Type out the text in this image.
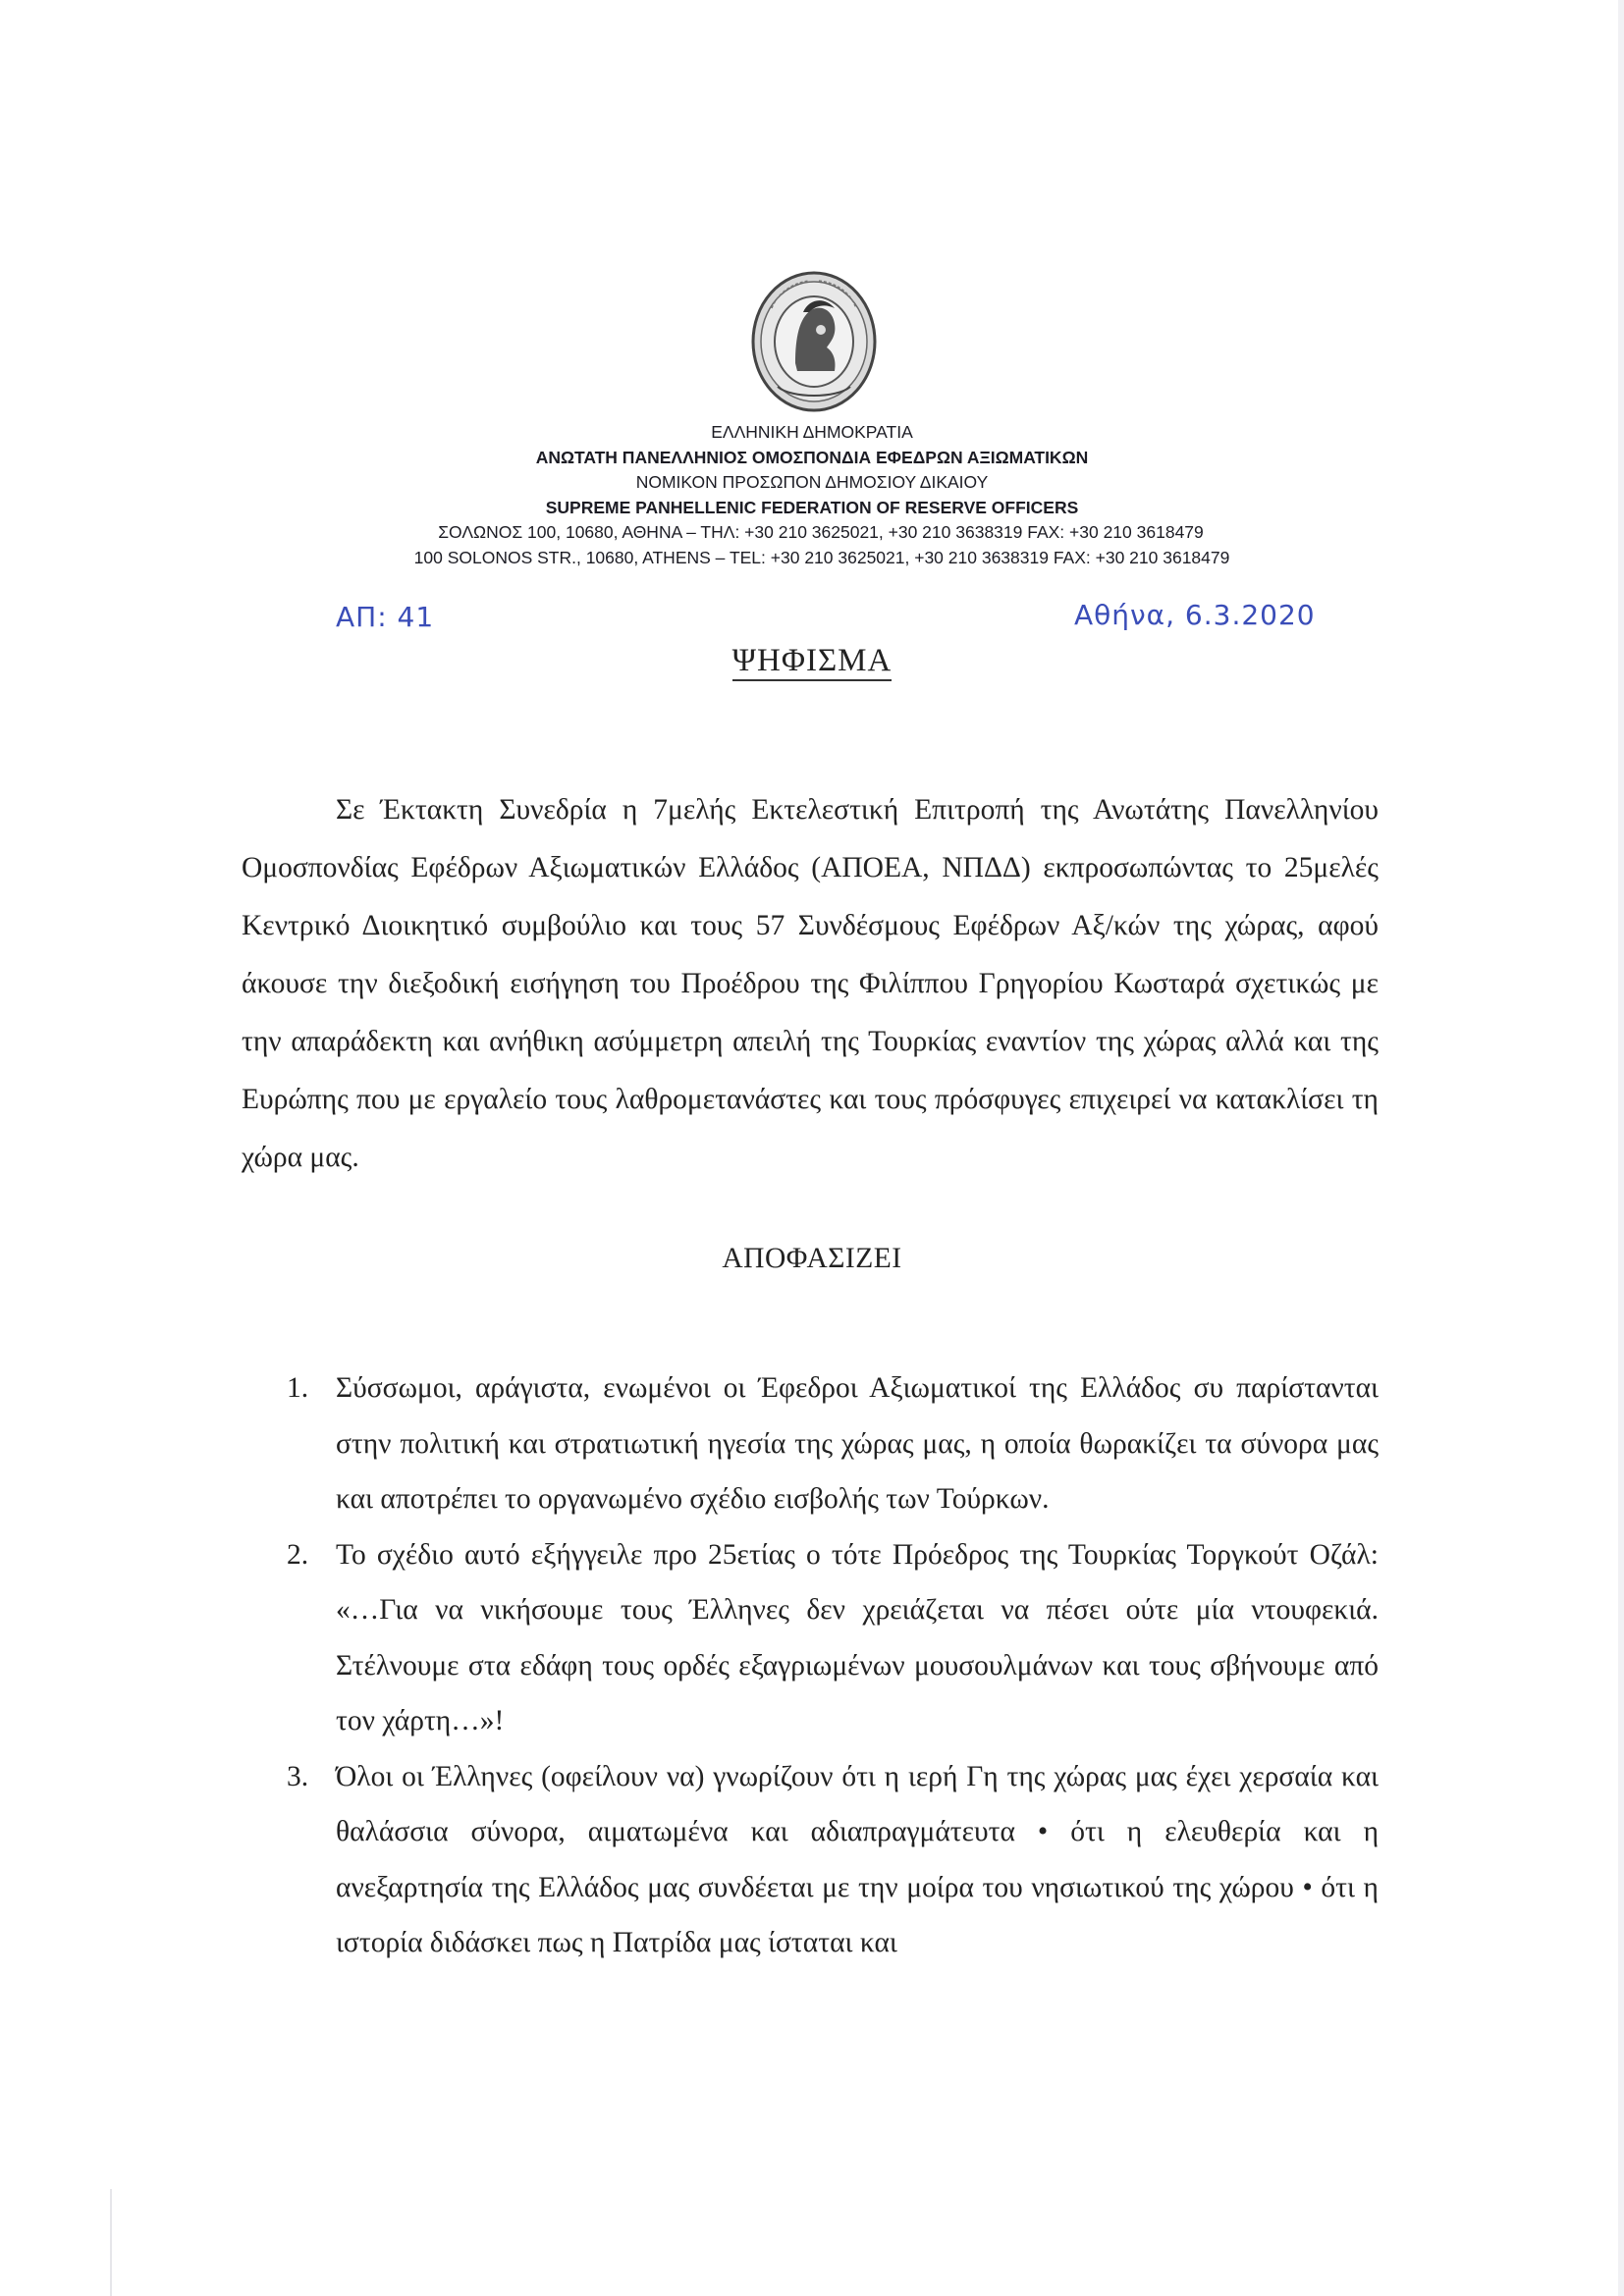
ΕΛΛΗΝΙΚΗ ΔΗΜΟΚΡΑΤΙΑ
ΑΝΩΤΑΤΗ ΠΑΝΕΛΛΗΝΙΟΣ ΟΜΟΣΠΟΝΔΙΑ ΕΦΕΔΡΩΝ ΑΞΙΩΜΑΤΙΚΩΝ
ΝΟΜΙΚΟΝ ΠΡΟΣΩΠΟΝ ΔΗΜΟΣΙΟΥ ΔΙΚΑΙΟΥ
SUPREME PANHELLENIC FEDERATION OF RESERVE OFFICERS
ΣΟΛΩΝΟΣ 100, 10680, ΑΘΗΝΑ – ΤΗΛ: +30 210 3625021, +30 210 3638319 FAX: +30 210 3618479
100 SOLONOS STR., 10680, ATHENS – TEL: +30 210 3625021, +30 210 3638319 FAX: +30 210 3618479
ΑΠ: 41	Αθήνα, 6.3.2020
ΨΗΦΙΣΜΑ
Σε Έκτακτη Συνεδρία η 7μελής Εκτελεστική Επιτροπή της Ανωτάτης Πανελληνίου Ομοσπονδίας Εφέδρων Αξιωματικών Ελλάδος (ΑΠΟΕΑ, ΝΠΔΔ) εκπροσωπώντας το 25μελές Κεντρικό Διοικητικό συμβούλιο και τους 57 Συνδέσμους Εφέδρων Αξ/κών της χώρας, αφού άκουσε την διεξοδική εισήγηση του Προέδρου της Φιλίππου Γρηγορίου Κωσταρά σχετικώς με την απαράδεκτη και ανήθικη ασύμμετρη απειλή της Τουρκίας εναντίον της χώρας αλλά και της Ευρώπης που με εργαλείο τους λαθρομετανάστες και τους πρόσφυγες επιχειρεί να κατακλίσει τη χώρα μας.
ΑΠΟΦΑΣΙΖΕΙ
1. Σύσσωμοι, αράγιστα, ενωμένοι οι Έφεδροι Αξιωματικοί της Ελλάδος συ παρίστανται στην πολιτική και στρατιωτική ηγεσία της χώρας μας, η οποία θωρακίζει τα σύνορα μας και αποτρέπει το οργανωμένο σχέδιο εισβολής των Τούρκων.
2. Το σχέδιο αυτό εξήγγειλε προ 25ετίας ο τότε Πρόεδρος της Τουρκίας Τοργκούτ Οζάλ: «…Για να νικήσουμε τους Έλληνες δεν χρειάζεται να πέσει ούτε μία ντουφεκιά. Στέλνουμε στα εδάφη τους ορδές εξαγριωμένων μουσουλμάνων και τους σβήνουμε από τον χάρτη…»!
3. Όλοι οι Έλληνες (οφείλουν να) γνωρίζουν ότι η ιερή Γη της χώρας μας έχει χερσαία και θαλάσσια σύνορα, αιματωμένα και αδιαπραγμάτευτα • ότι η ελευθερία και η ανεξαρτησία της Ελλάδος μας συνδέεται με την μοίρα του νησιωτικού της χώρου • ότι η ιστορία διδάσκει πως η Πατρίδα μας ίσταται και
